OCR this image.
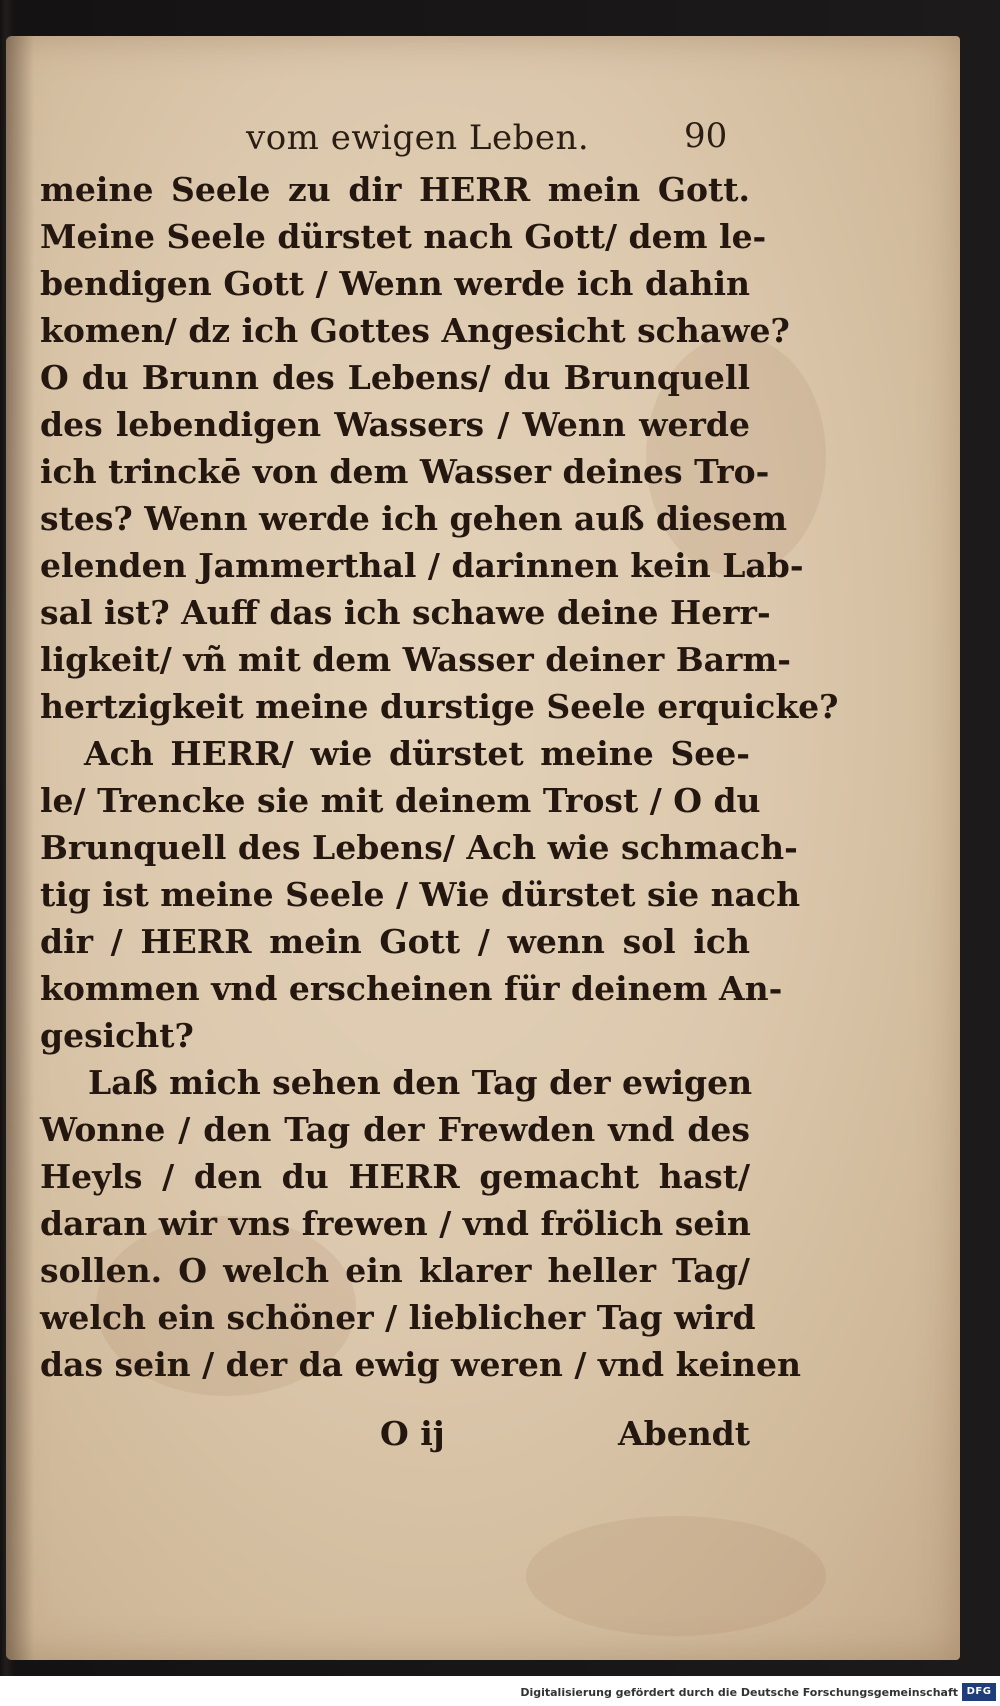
vom ewigen Leben.	90
meine Seele zu dir HERR mein Gott.
Meine Seele dürstet nach Gott/ dem le-
bendigen Gott / Wenn werde ich dahin
komen/ dz ich Gottes Angesicht schawe?
O du Brunn des Lebens/ du Brunquell
des lebendigen Wassers / Wenn werde
ich trinckē von dem Wasser deines Tro-
stes? Wenn werde ich gehen auß diesem
elenden Jammerthal / darinnen kein Lab-
sal ist? Auff das ich schawe deine Herr-
ligkeit/ vñ mit dem Wasser deiner Barm-
hertzigkeit meine durstige Seele erquicke?
Ach HERR/ wie dürstet meine See-
le/ Trencke sie mit deinem Trost / O du
Brunquell des Lebens/ Ach wie schmach-
tig ist meine Seele / Wie dürstet sie nach
dir / HERR mein Gott / wenn sol ich
kommen vnd erscheinen für deinem An-
gesicht?
Laß mich sehen den Tag der ewigen
Wonne / den Tag der Frewden vnd des
Heyls / den du HERR gemacht hast/
daran wir vns frewen / vnd frölich sein
sollen. O welch ein klarer heller Tag/
welch ein schöner / lieblicher Tag wird
das sein / der da ewig weren / vnd keinen
O ij	Abendt
Digitalisierung gefördert durch die Deutsche Forschungsgemeinschaft DFG
